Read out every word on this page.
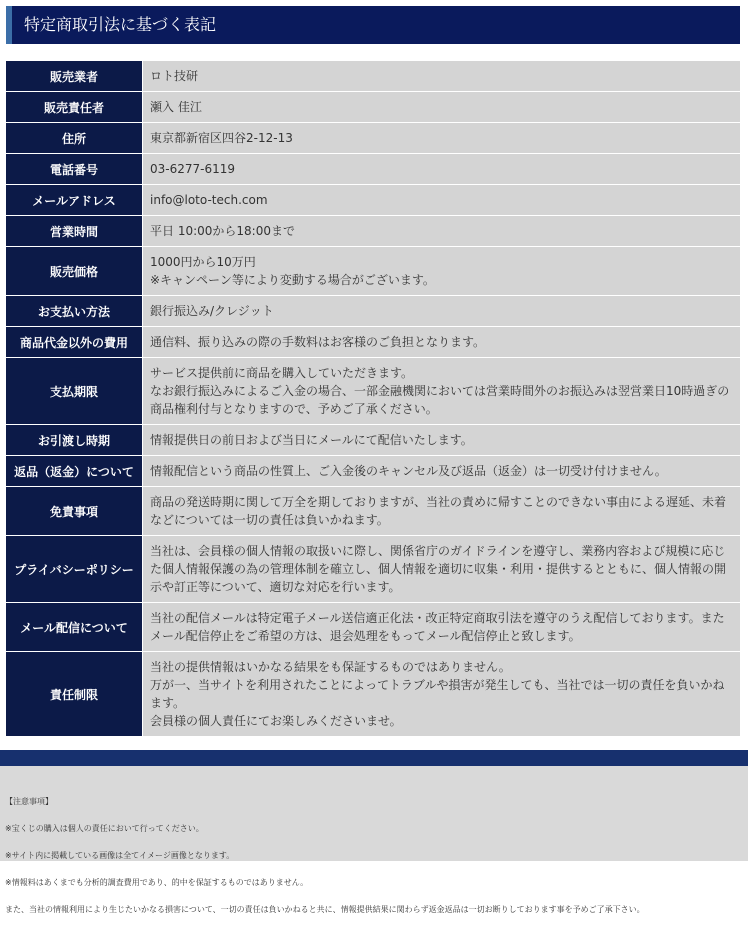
特定商取引法に基づく表記
販売業者	ロト技研
販売責任者	瀬入 佳江
住所	東京都新宿区四谷2-12-13
電話番号	03-6277-6119
メールアドレス	info@loto-tech.com
営業時間	平日 10:00から18:00まで
販売価格	1000円から10万円
※キャンペーン等により変動する場合がございます。
お支払い方法	銀行振込み/クレジット
商品代金以外の費用	通信料、振り込みの際の手数料はお客様のご負担となります。
支払期限	サービス提供前に商品を購入していただきます。
なお銀行振込みによるご入金の場合、一部金融機関においては営業時間外のお振込みは翌営業日10時過ぎの商品権利付与となりますので、予めご了承ください。
お引渡し時期	情報提供日の前日および当日にメールにて配信いたします。
返品（返金）について	情報配信という商品の性質上、ご入金後のキャンセル及び返品（返金）は一切受け付けません。
免責事項	商品の発送時期に関して万全を期しておりますが、当社の責めに帰すことのできない事由による遅延、未着などについては一切の責任は負いかねます。
プライバシーポリシー	当社は、会員様の個人情報の取扱いに際し、関係省庁のガイドラインを遵守し、業務内容および規模に応じた個人情報保護の為の管理体制を確立し、個人情報を適切に収集・利用・提供するとともに、個人情報の開示や訂正等について、適切な対応を行います。
メール配信について	当社の配信メールは特定電子メール送信適正化法・改正特定商取引法を遵守のうえ配信しております。またメール配信停止をご希望の方は、退会処理をもってメール配信停止と致します。
責任制限	当社の提供情報はいかなる結果をも保証するものではありません。
万が一、当サイトを利用されたことによってトラブルや損害が発生しても、当社では一切の責任を負いかねます。
会員様の個人責任にてお楽しみくださいませ。

【注意事項】

※宝くじの購入は個人の責任において行ってください。

※サイト内に掲載している画像は全てイメージ画像となります。

※情報料はあくまでも分析的調査費用であり、的中を保証するものではありません。

また、当社の情報利用により生じたいかなる損害について、一切の責任は負いかねると共に、情報提供結果に関わらず返金返品は一切お断りしております事を予めご了承下さい。
